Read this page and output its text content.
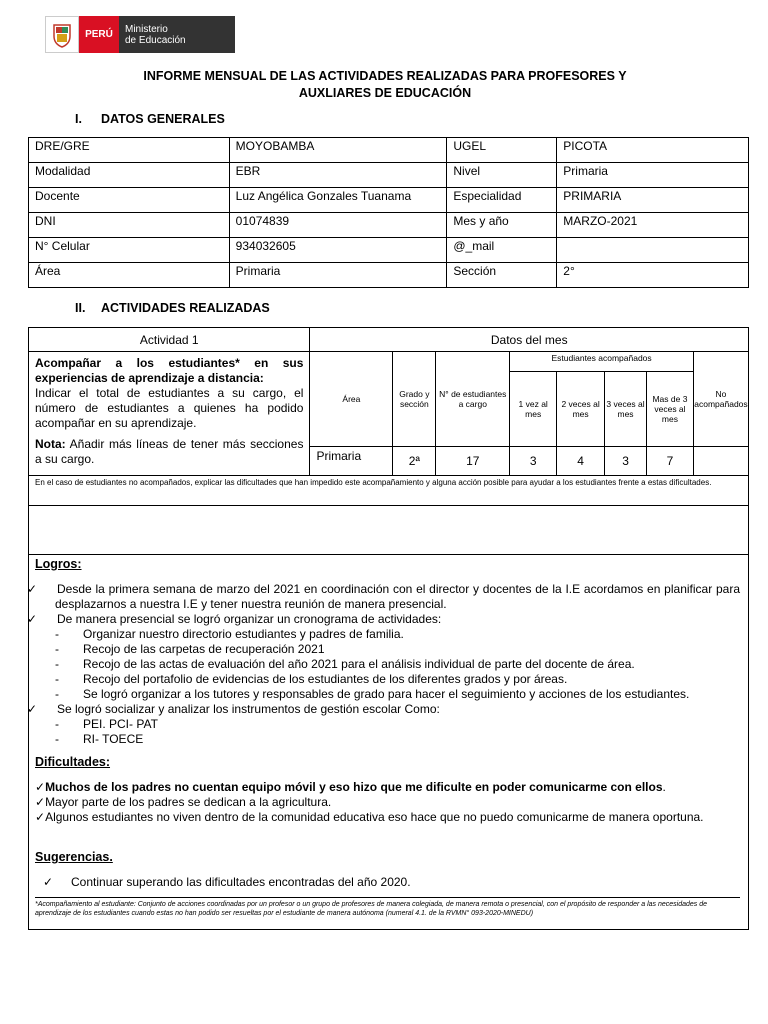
PERÚ	Ministerio
de Educación
INFORME MENSUAL DE LAS ACTIVIDADES REALIZADAS PARA PROFESORES Y
AUXLIARES DE EDUCACIÓN
I. DATOS GENERALES
DRE/GRE	MOYOBAMBA	UGEL	PICOTA
Modalidad	EBR	Nivel	Primaria
Docente	Luz Angélica Gonzales Tuanama	Especialidad	PRIMARIA
DNI	01074839	Mes y año	MARZO-2021
N° Celular	934032605	@_mail	
Área	Primaria	Sección	2°
II. ACTIVIDADES REALIZADAS
Actividad 1	Datos del mes							

Acompañar a los estudiantes* en sus experiencias de aprendizaje a distancia:
Indicar el total de estudiantes a su cargo, el número de estudiantes a quienes ha podido acompañar en su aprendizaje.
Nota: Añadir más líneas de tener más secciones a su cargo.	Área	Grado y sección	N° de estudiantes a cargo	Estudiantes acompañados				No acompañados
				1 vez al mes	2 veces al mes	3 veces al mes	Mas de 3 veces al mes	
	Primaria	2ª	17	3	4	3	7	
En el caso de estudiantes no acompañados, explicar las dificultades que han impedido este acompañamiento y alguna acción posible para ayudar a los estudiantes frente a estas dificultades.								

Logros:
✓ Desde la primera semana de marzo del 2021 en coordinación con el director y docentes de la I.E acordamos en planificar para desplazarnos a nuestra I.E y tener nuestra reunión de manera presencial.
✓ De manera presencial se logró organizar un cronograma de actividades:
- Organizar nuestro directorio estudiantes y padres de familia.
- Recojo de las carpetas de recuperación 2021
- Recojo de las actas de evaluación del año 2021 para el análisis individual de parte del docente de área.
- Recojo del portafolio de evidencias de los estudiantes de los diferentes grados y por áreas.
- Se logró organizar a los tutores y responsables de grado para hacer el seguimiento y acciones de los estudiantes.
✓ Se logró socializar y analizar los instrumentos de gestión escolar Como:
- PEI. PCI- PAT
- RI- TOECE
Dificultades:
✓Muchos de los padres no cuentan equipo móvil y eso hizo que me dificulte en poder comunicarme con ellos.
✓Mayor parte de los padres se dedican a la agricultura.
✓Algunos estudiantes no viven dentro de la comunidad educativa eso hace que no puedo comunicarme de manera oportuna.
Sugerencias.
✓ Continuar superando las dificultades encontradas del año 2020.
*Acompañamiento al estudiante: Conjunto de acciones coordinadas por un profesor o un grupo de profesores de manera colegiada, de manera remota o presencial, con el propósito de responder a las necesidades de aprendizaje de los estudiantes cuando estas no han podido ser resueltas por el estudiante de manera autónoma (numeral 4.1. de la RVMN° 093-2020-MINEDU)
